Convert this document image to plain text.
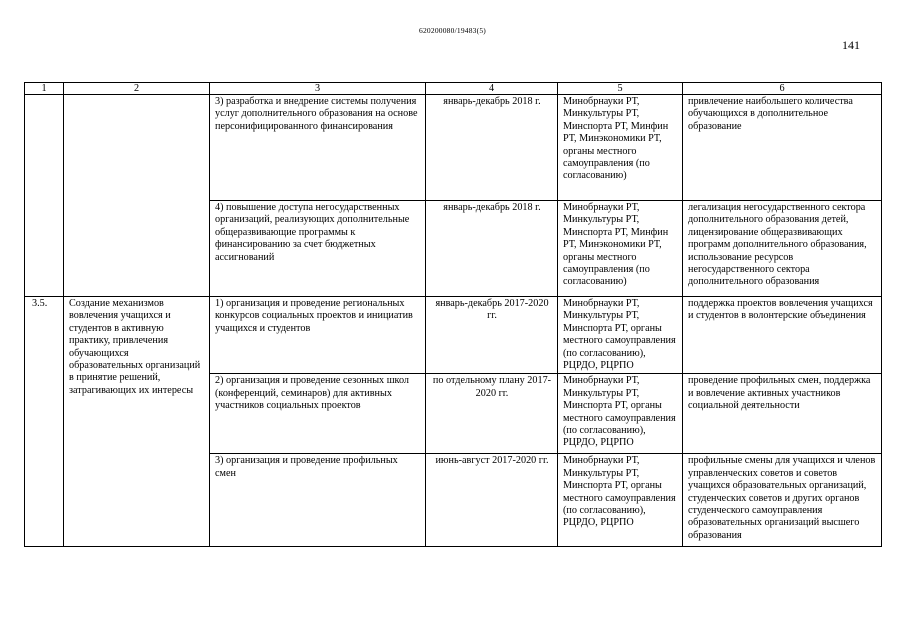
620200080/19483(5)
141
1	2	3	4	5	6
		3) разработка и внедрение системы получения услуг дополнительного образования на основе персонифицированного финансирования	январь-декабрь 2018 г.	Минобрнауки РТ, Минкультуры РТ, Минспорта РТ, Минфин РТ, Минэкономики РТ, органы местного самоуправления (по согласованию)	привлечение наибольшего количества обучающихся в дополнительное образование
		4) повышение доступа негосударственных организаций, реализующих дополнительные общеразвивающие программы к финансированию за счет бюджетных ассигнований	январь-декабрь 2018 г.	Минобрнауки РТ, Минкультуры РТ, Минспорта РТ, Минфин РТ, Минэкономики РТ, органы местного самоуправления (по согласованию)	легализация негосударственного сектора дополнительного образования детей, лицензирование общеразвивающих программ дополнительного образования, использование ресурсов негосударственного сектора дополнительного образования
3.5.	Создание механизмов вовлечения учащихся и студентов в активную практику, привлечения обучающихся образовательных организаций в принятие решений, затрагивающих их интересы	1) организация и проведение региональных конкурсов социальных проектов и инициатив учащихся и студентов	январь-декабрь 2017-2020 гг.	Минобрнауки РТ, Минкультуры РТ, Минспорта РТ, органы местного самоуправления (по согласованию), РЦРДО, РЦРПО	поддержка проектов вовлечения учащихся и студентов в волонтерские объединения
		2) организация и проведение сезонных школ (конференций, семинаров) для активных участников социальных проектов	по отдельному плану 2017-2020 гг.	Минобрнауки РТ, Минкультуры РТ, Минспорта РТ, органы местного самоуправления (по согласованию), РЦРДО, РЦРПО	проведение профильных смен, поддержка и вовлечение активных участников социальной деятельности
		3) организация и проведение профильных смен	июнь-август 2017-2020 гг.	Минобрнауки РТ, Минкультуры РТ, Минспорта РТ, органы местного самоуправления (по согласованию), РЦРДО, РЦРПО	профильные смены для учащихся и членов управленческих советов и советов учащихся образовательных организаций, студенческих советов и других органов студенческого самоуправления образовательных организаций высшего образования
